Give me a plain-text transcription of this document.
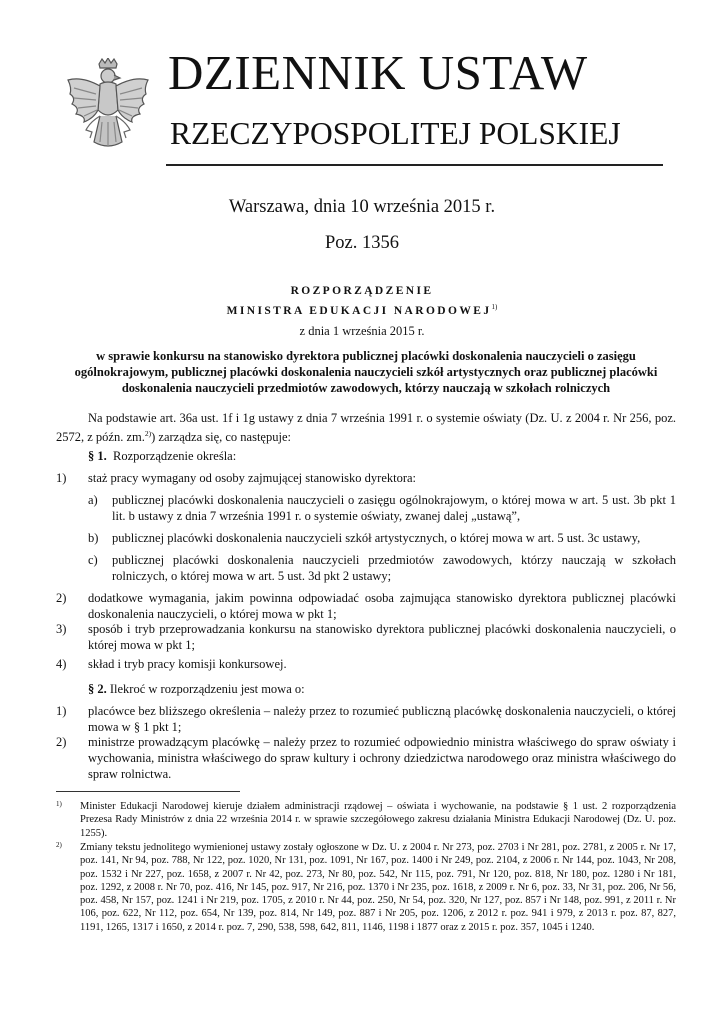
DZIENNIK USTAW
RZECZYPOSPOLITEJ POLSKIEJ
Warszawa, dnia 10 września 2015 r.
Poz. 1356
ROZPORZĄDZENIE
MINISTRA EDUKACJI NARODOWEJ$^{1)}$
z dnia 1 września 2015 r.
w sprawie konkursu na stanowisko dyrektora publicznej placówki doskonalenia nauczycieli o zasięgu ogólnokrajowym, publicznej placówki doskonalenia nauczycieli szkół artystycznych oraz publicznej placówki doskonalenia nauczycieli przedmiotów zawodowych, którzy nauczają w szkołach rolniczych
Na podstawie art. 36a ust. 1f i 1g ustawy z dnia 7 września 1991 r. o systemie oświaty (Dz. U. z 2004 r. Nr 256, poz. 2572, z późn. zm.$^{2)}$) zarządza się, co następuje:
§ 1. Rozporządzenie określa:
1) staż pracy wymagany od osoby zajmującej stanowisko dyrektora:
a) publicznej placówki doskonalenia nauczycieli o zasięgu ogólnokrajowym, o której mowa w art. 5 ust. 3b pkt 1 lit. b ustawy z dnia 7 września 1991 r. o systemie oświaty, zwanej dalej „ustawą”,
b) publicznej placówki doskonalenia nauczycieli szkół artystycznych, o której mowa w art. 5 ust. 3c ustawy,
c) publicznej placówki doskonalenia nauczycieli przedmiotów zawodowych, którzy nauczają w szkołach rolniczych, o której mowa w art. 5 ust. 3d pkt 2 ustawy;
2) dodatkowe wymagania, jakim powinna odpowiadać osoba zajmująca stanowisko dyrektora publicznej placówki doskonalenia nauczycieli, o której mowa w pkt 1;
3) sposób i tryb przeprowadzania konkursu na stanowisko dyrektora publicznej placówki doskonalenia nauczycieli, o której mowa w pkt 1;
4) skład i tryb pracy komisji konkursowej.
§ 2. Ilekroć w rozporządzeniu jest mowa o:
1) placówce bez bliższego określenia – należy przez to rozumieć publiczną placówkę doskonalenia nauczycieli, o której mowa w § 1 pkt 1;
2) ministrze prowadzącym placówkę – należy przez to rozumieć odpowiednio ministra właściwego do spraw oświaty i wychowania, ministra właściwego do spraw kultury i ochrony dziedzictwa narodowego oraz ministra właściwego do spraw rolnictwa.
1) Minister Edukacji Narodowej kieruje działem administracji rządowej – oświata i wychowanie, na podstawie § 1 ust. 2 rozporządzenia Prezesa Rady Ministrów z dnia 22 września 2014 r. w sprawie szczegółowego zakresu działania Ministra Edukacji Narodowej (Dz. U. poz. 1255).
2) Zmiany tekstu jednolitego wymienionej ustawy zostały ogłoszone w Dz. U. z 2004 r. Nr 273, poz. 2703 i Nr 281, poz. 2781, z 2005 r. Nr 17, poz. 141, Nr 94, poz. 788, Nr 122, poz. 1020, Nr 131, poz. 1091, Nr 167, poz. 1400 i Nr 249, poz. 2104, z 2006 r. Nr 144, poz. 1043, Nr 208, poz. 1532 i Nr 227, poz. 1658, z 2007 r. Nr 42, poz. 273, Nr 80, poz. 542, Nr 115, poz. 791, Nr 120, poz. 818, Nr 180, poz. 1280 i Nr 181, poz. 1292, z 2008 r. Nr 70, poz. 416, Nr 145, poz. 917, Nr 216, poz. 1370 i Nr 235, poz. 1618, z 2009 r. Nr 6, poz. 33, Nr 31, poz. 206, Nr 56, poz. 458, Nr 157, poz. 1241 i Nr 219, poz. 1705, z 2010 r. Nr 44, poz. 250, Nr 54, poz. 320, Nr 127, poz. 857 i Nr 148, poz. 991, z 2011 r. Nr 106, poz. 622, Nr 112, poz. 654, Nr 139, poz. 814, Nr 149, poz. 887 i Nr 205, poz. 1206, z 2012 r. poz. 941 i 979, z 2013 r. poz. 87, 827, 1191, 1265, 1317 i 1650, z 2014 r. poz. 7, 290, 538, 598, 642, 811, 1146, 1198 i 1877 oraz z 2015 r. poz. 357, 1045 i 1240.
